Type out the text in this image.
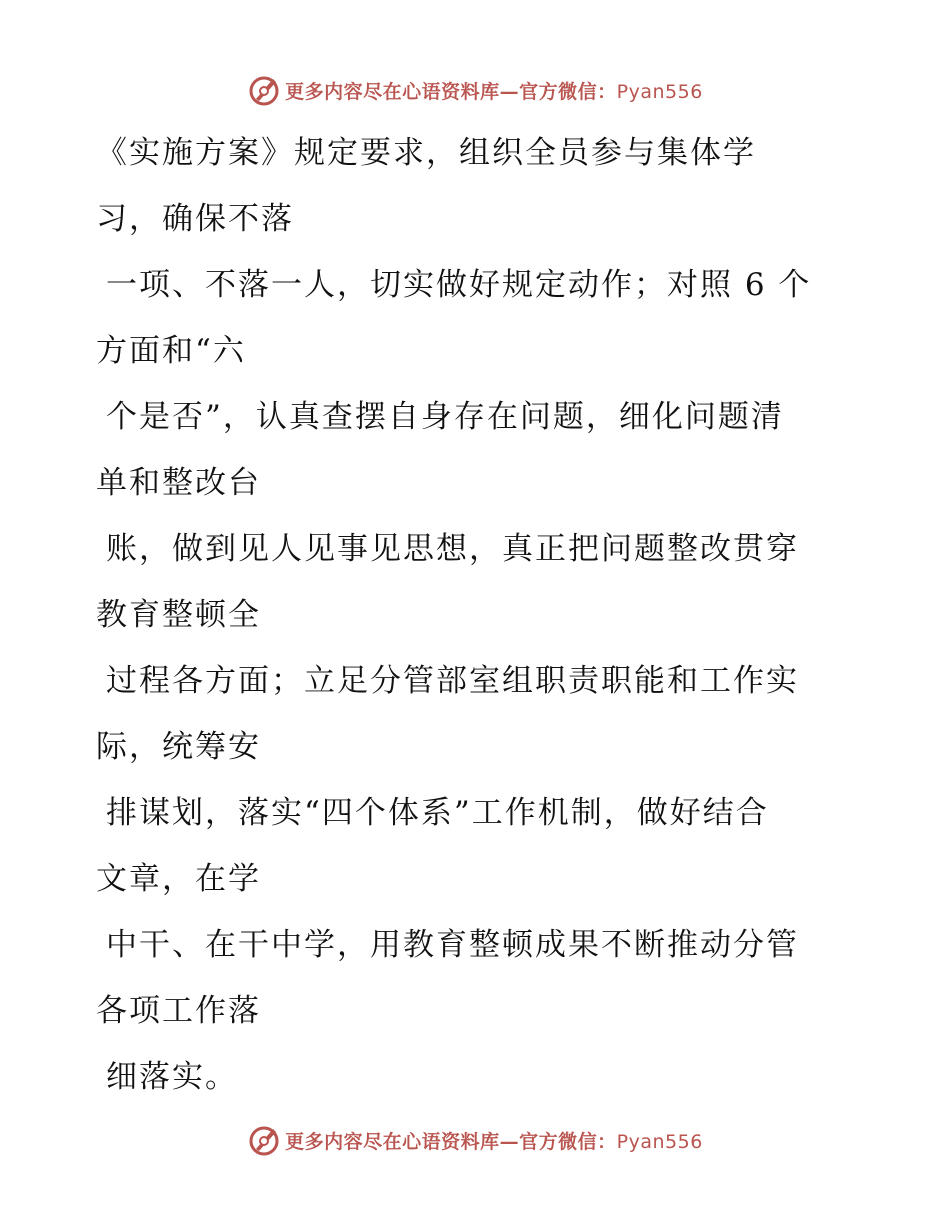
更多内容尽在心语资料库—官方微信：Pyan556
《实施方案》规定要求，组织全员参与集体学
习，确保不落
一项、不落一人，切实做好规定动作；对照 6 个
方面和“六
个是否”，认真查摆自身存在问题，细化问题清
单和整改台
账，做到见人见事见思想，真正把问题整改贯穿
教育整顿全
过程各方面；立足分管部室组职责职能和工作实
际，统筹安
排谋划，落实“四个体系”工作机制，做好结合
文章，在学
中干、在干中学，用教育整顿成果不断推动分管
各项工作落
细落实。
更多内容尽在心语资料库—官方微信：Pyan556
